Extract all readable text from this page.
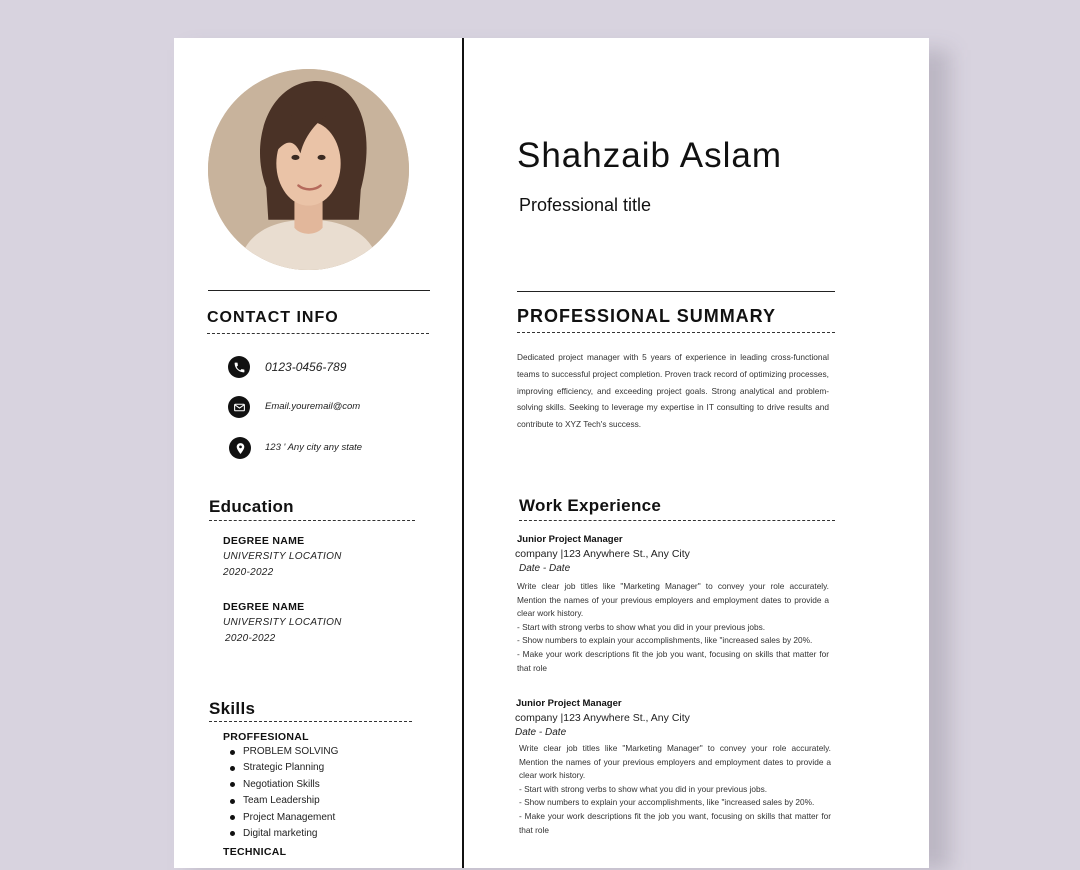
CONTACT INFO
0123-0456-789
Email.youremail@com
123 ' Any city any state
Education
DEGREE NAME
UNIVERSITY LOCATION
2020-2022
DEGREE NAME
UNIVERSITY LOCATION
2020-2022
Skills
PROFFESIONAL
PROBLEM SOLVING
Strategic Planning
Negotiation Skills
Team Leadership
Project Management
Digital marketing
TECHNICAL
Shahzaib Aslam
Professional title
PROFESSIONAL SUMMARY

Dedicated project manager with 5 years of experience in leading cross-functional teams to successful project completion. Proven track record of optimizing processes, improving efficiency, and exceeding project goals. Strong analytical and problem-solving skills. Seeking to leverage my expertise in IT consulting to drive results and contribute to XYZ Tech's success.

Work Experience
Junior Project Manager
company |123 Anywhere St., Any City
Date - Date

Write clear job titles like "Marketing Manager" to convey your role accurately. Mention the names of your previous employers and employment dates to provide a clear work history.

- Start with strong verbs to show what you did in your previous jobs.

- Show numbers to explain your accomplishments, like "increased sales by 20%.

- Make your work descriptions fit the job you want, focusing on skills that matter for that role

Junior Project Manager
company |123 Anywhere St., Any City
Date - Date

Write clear job titles like "Marketing Manager" to convey your role accurately. Mention the names of your previous employers and employment dates to provide a clear work history.

- Start with strong verbs to show what you did in your previous jobs.

- Show numbers to explain your accomplishments, like "increased sales by 20%.

- Make your work descriptions fit the job you want, focusing on skills that matter for that role
